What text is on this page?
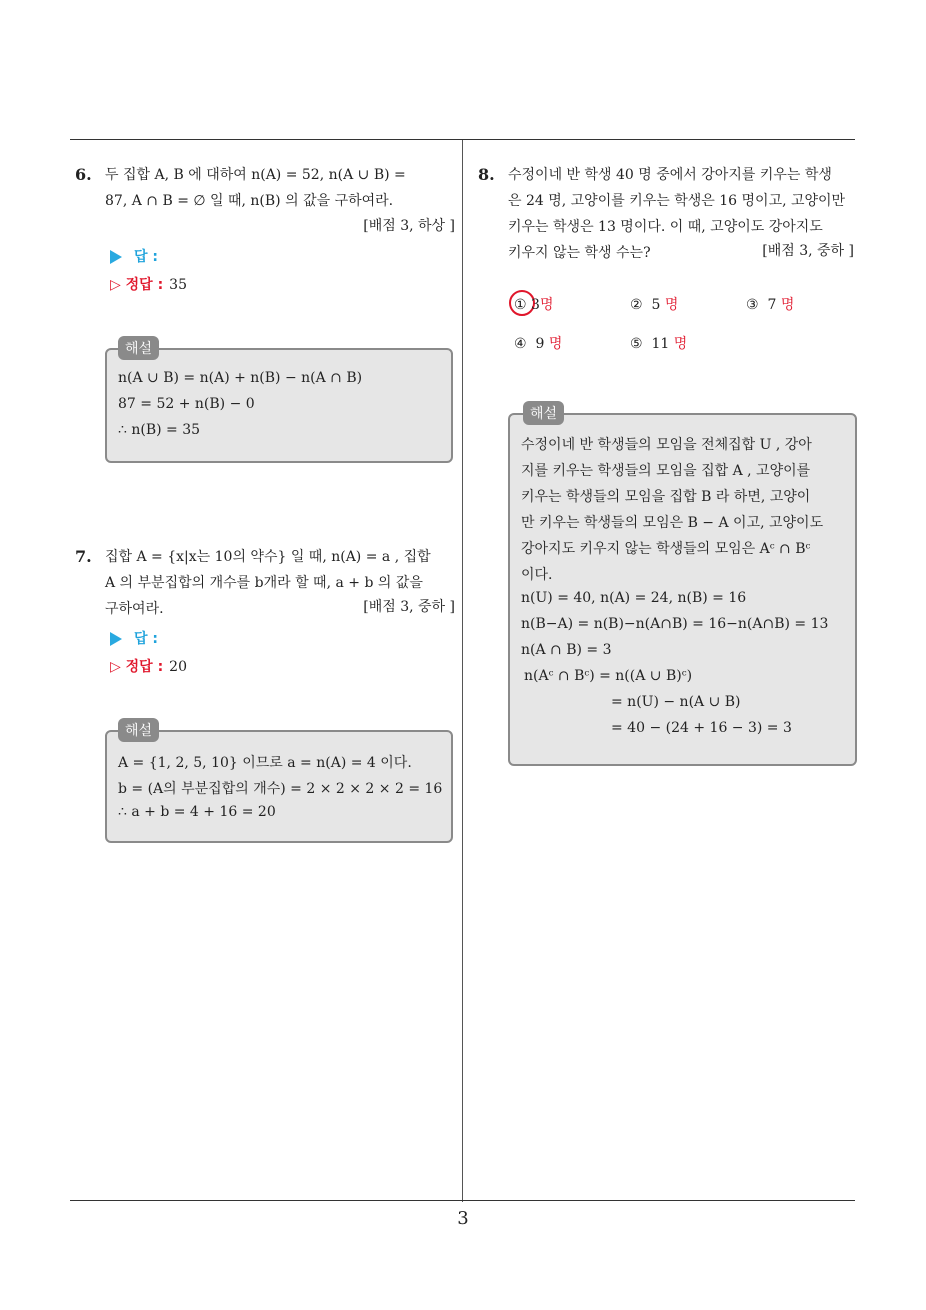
3
6. 두 집합 A, B 에 대하여 n(A) = 52, n(A ∪ B) =
87, A ∩ B = ∅ 일 때, n(B) 의 값을 구하여라.
[배점 3, 하상 ]
답 :
▷ 정답 : 35
해설
n(A ∪ B) = n(A) + n(B) − n(A ∩ B)
87 = 52 + n(B) − 0
∴ n(B) = 35
7. 집합 A = {x|x는 10의 약수} 일 때, n(A) = a , 집합
A 의 부분집합의 개수를 b개라 할 때, a + b 의 값을
구하여라.	[배점 3, 중하 ]
답 :
▷ 정답 : 20
해설
A = {1, 2, 5, 10} 이므로 a = n(A) = 4 이다.
b = (A의 부분집합의 개수) = 2 × 2 × 2 × 2 = 16
∴ a + b = 4 + 16 = 20
8. 수정이네 반 학생 40 명 중에서 강아지를 키우는 학생
은 24 명, 고양이를 키우는 학생은 16 명이고, 고양이만
키우는 학생은 13 명이다. 이 때, 고양이도 강아지도
키우지 않는 학생 수는?	[배점 3, 중하 ]
① 3명	② 5 명	③ 7 명
④ 9 명	⑤ 11 명
해설
수정이네 반 학생들의 모임을 전체집합 U , 강아
지를 키우는 학생들의 모임을 집합 A , 고양이를
키우는 학생들의 모임을 집합 B 라 하면, 고양이
만 키우는 학생들의 모임은 B − A 이고, 고양이도
강아지도 키우지 않는 학생들의 모임은 Aᶜ ∩ Bᶜ
이다.
n(U) = 40, n(A) = 24, n(B) = 16
n(B−A) = n(B)−n(A∩B) = 16−n(A∩B) = 13
n(A ∩ B) = 3
n(Aᶜ ∩ Bᶜ) = n((A ∪ B)ᶜ)
= n(U) − n(A ∪ B)
= 40 − (24 + 16 − 3) = 3
